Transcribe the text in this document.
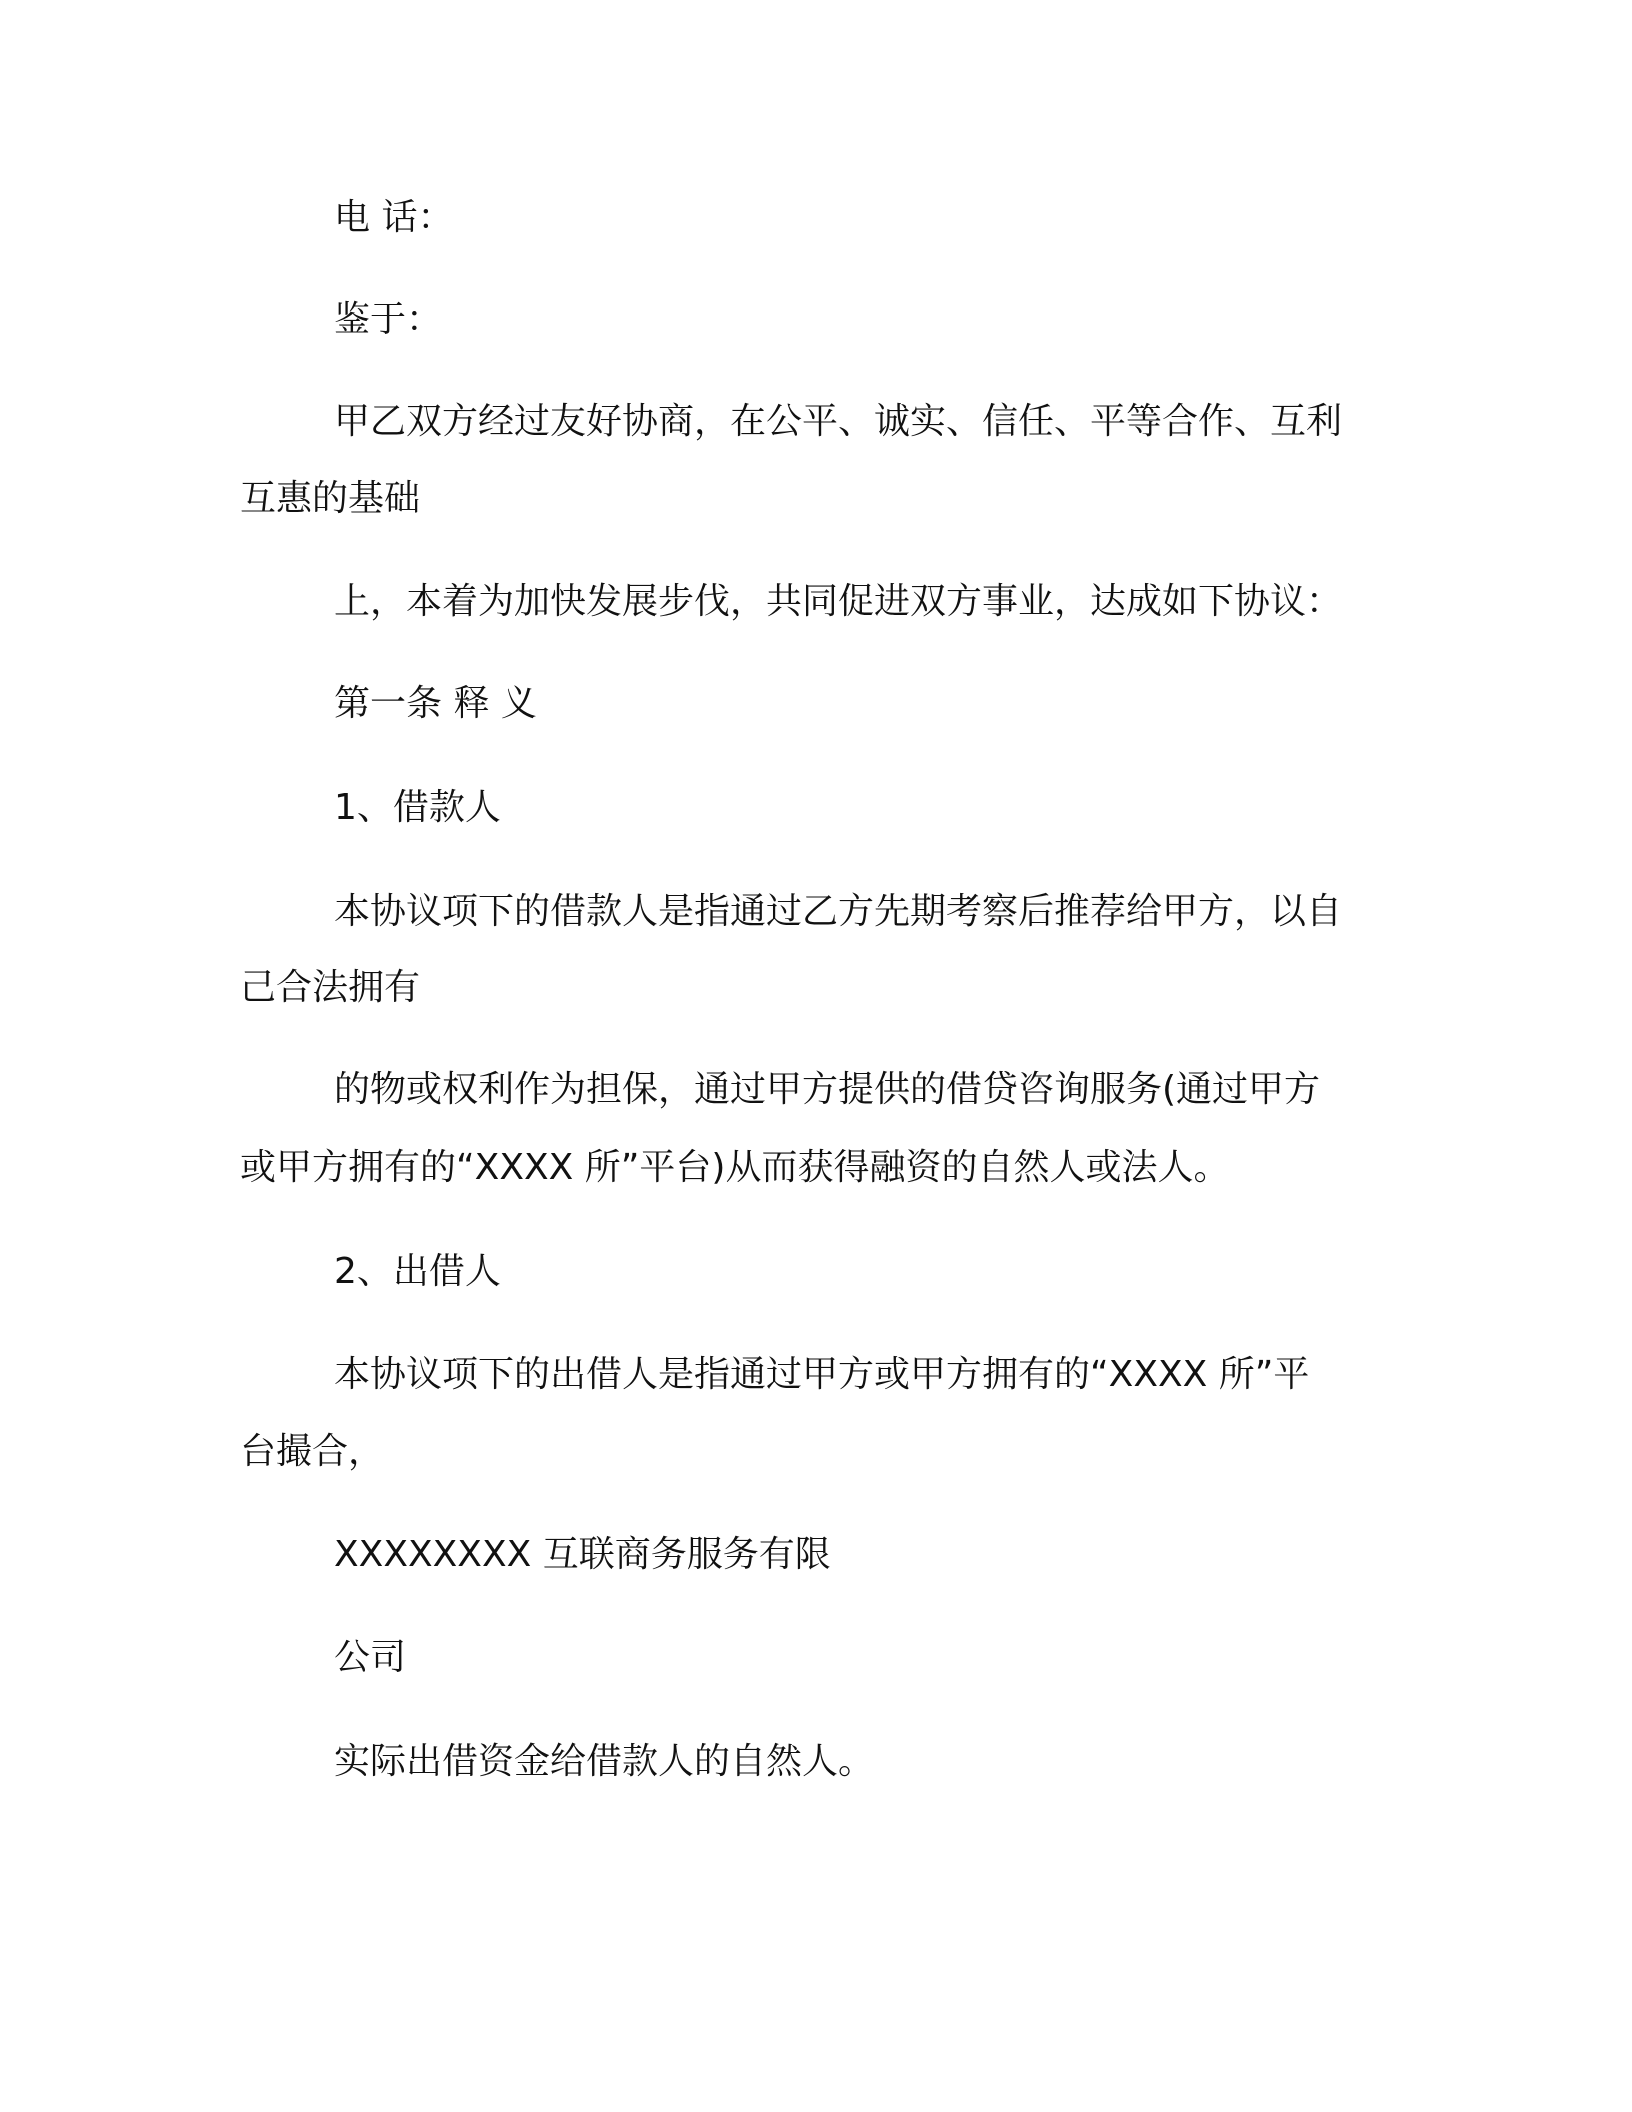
电 话：
鉴于：
甲乙双方经过友好协商，在公平、诚实、信任、平等合作、互利
互惠的基础
上，本着为加快发展步伐，共同促进双方事业，达成如下协议：
第一条 释 义
1、借款人
本协议项下的借款人是指通过乙方先期考察后推荐给甲方，以自
己合法拥有
的物或权利作为担保，通过甲方提供的借贷咨询服务(通过甲方
或甲方拥有的“XXXX 所”平台)从而获得融资的自然人或法人。
2、出借人
本协议项下的出借人是指通过甲方或甲方拥有的“XXXX 所”平
台撮合，
XXXXXXXX 互联商务服务有限
公司
实际出借资金给借款人的自然人。
